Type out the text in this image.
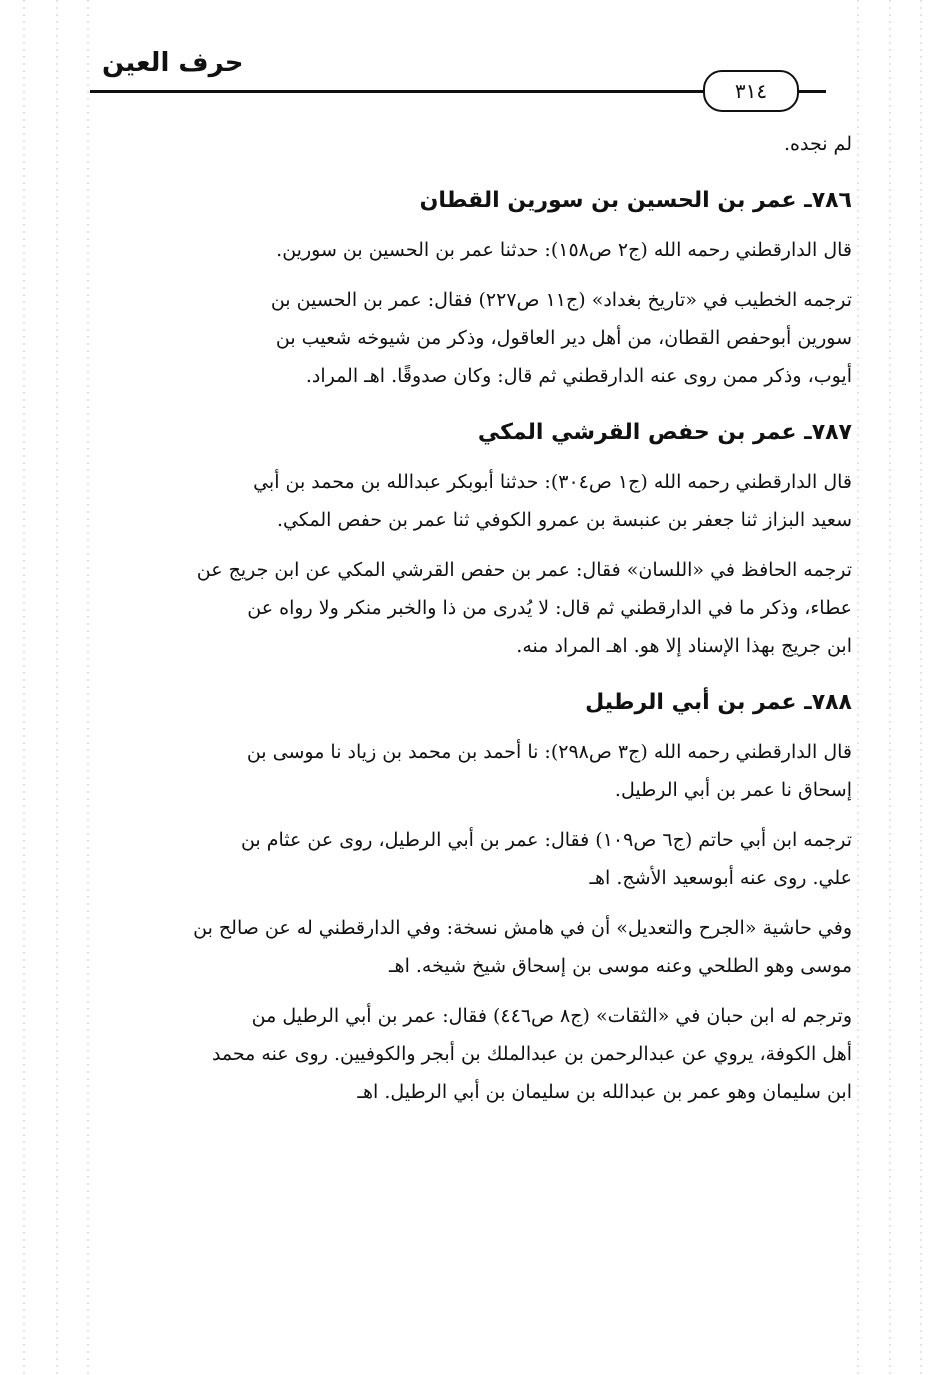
حرف العين
٣١٤

لم نجده.

٧٨٦ـ عمر بن الحسين بن سورين القطان

قال الدارقطني رحمه الله (ج٢ ص١٥٨): حدثنا عمر بن الحسين بن سورين.

ترجمه الخطيب في «تاريخ بغداد» (ج١١ ص٢٢٧) فقال: عمر بن الحسين بن

سورين أبوحفص القطان، من أهل دير العاقول، وذكر من شيوخه شعيب بن

أيوب، وذكر ممن روى عنه الدارقطني ثم قال: وكان صدوقًا. اهـ المراد.

٧٨٧ـ عمر بن حفص القرشي المكي

قال الدارقطني رحمه الله (ج١ ص٣٠٤): حدثنا أبوبكر عبدالله بن محمد بن أبي

سعيد البزاز ثنا جعفر بن عنبسة بن عمرو الكوفي ثنا عمر بن حفص المكي.

ترجمه الحافظ في «اللسان» فقال: عمر بن حفص القرشي المكي عن ابن جريج عن

عطاء، وذكر ما في الدارقطني ثم قال: لا يُدرى من ذا والخبر منكر ولا رواه عن

ابن جريج بهذا الإسناد إلا هو. اهـ المراد منه.

٧٨٨ـ عمر بن أبي الرطيل

قال الدارقطني رحمه الله (ج٣ ص٢٩٨): نا أحمد بن محمد بن زياد نا موسى بن

إسحاق نا عمر بن أبي الرطيل.

ترجمه ابن أبي حاتم (ج٦ ص١٠٩) فقال: عمر بن أبي الرطيل، روى عن عثام بن

علي. روى عنه أبوسعيد الأشج. اهـ

وفي حاشية «الجرح والتعديل» أن في هامش نسخة: وفي الدارقطني له عن صالح بن

موسى وهو الطلحي وعنه موسى بن إسحاق شيخ شيخه. اهـ

وترجم له ابن حبان في «الثقات» (ج٨ ص٤٤٦) فقال: عمر بن أبي الرطيل من

أهل الكوفة، يروي عن عبدالرحمن بن عبدالملك بن أبجر والكوفيين. روى عنه محمد

ابن سليمان وهو عمر بن عبدالله بن سليمان بن أبي الرطيل. اهـ
